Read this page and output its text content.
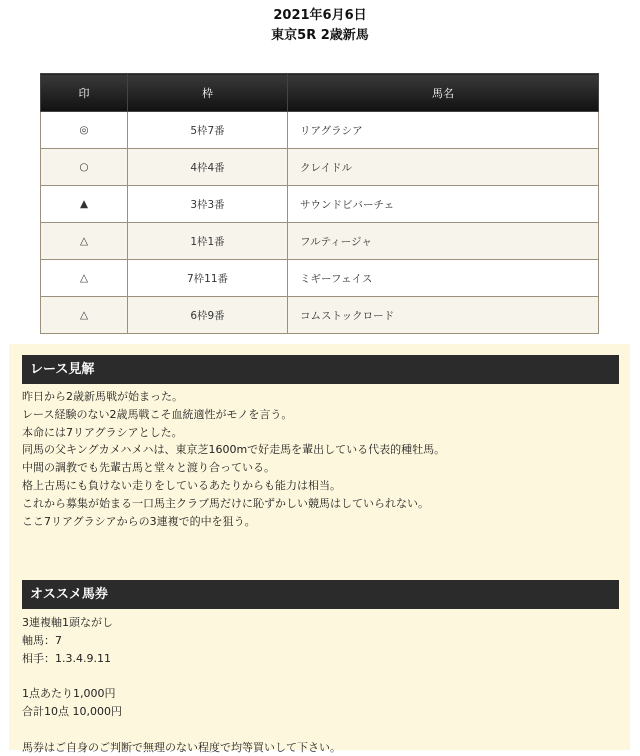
2021年6月6日
東京5R 2歳新馬
印	枠	馬名
◎	5枠7番	リアグラシア
○	4枠4番	クレイドル
▲	3枠3番	サウンドビバーチェ
△	1枠1番	フルティージャ
△	7枠11番	ミギーフェイス
△	6枠9番	コムストックロード
レース見解
昨日から2歳新馬戦が始まった。
レース経験のない2歳馬戦こそ血統適性がモノを言う。
本命には7リアグラシアとした。
同馬の父キングカメハメハは、東京芝1600mで好走馬を輩出している代表的種牡馬。
中間の調教でも先輩古馬と堂々と渡り合っている。
格上古馬にも負けない走りをしているあたりからも能力は相当。
これから募集が始まる一口馬主クラブ馬だけに恥ずかしい競馬はしていられない。
ここ7リアグラシアからの3連複で的中を狙う。
オススメ馬券
3連複軸1頭ながし
軸馬：7
相手：1.3.4.9.11
1点あたり1,000円
合計10点 10,000円
馬券はご自身のご判断で無理のない程度で均等買いして下さい。
